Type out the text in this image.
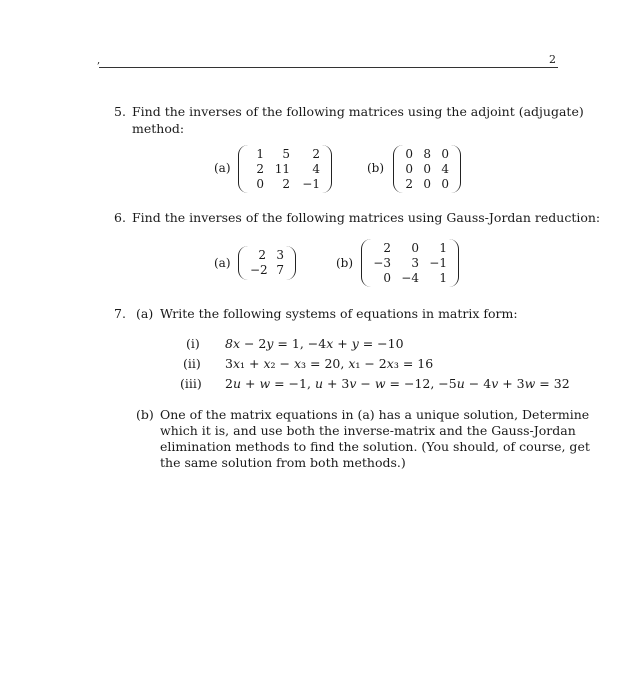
,	2
5. Find the inverses of the following matrices using the adjoint (adjugate)
method:
(a)
1	5	2
2 11	4
0	2 −1
(b)
0 8 0
0 0 4
2 0 0
6. Find the inverses of the following matrices using Gauss-Jordan reduction:
(a)
2 3
−2 7	(b)
2	0	1
−3	3 −1
0 −4	1
7. (a) Write the following systems of equations in matrix form:
(i) 8x − 2y = 1, −4x + y = −10
(ii) 3x₁ + x₂ − x₃ = 20, x₁ − 2x₃ = 16
(iii) 2u + w = −1, u + 3v − w = −12, −5u − 4v + 3w = 32
(b) One of the matrix equations in (a) has a unique solution, Determine
which it is, and use both the inverse-matrix and the Gauss-Jordan
elimination methods to find the solution. (You should, of course, get
the same solution from both methods.)
